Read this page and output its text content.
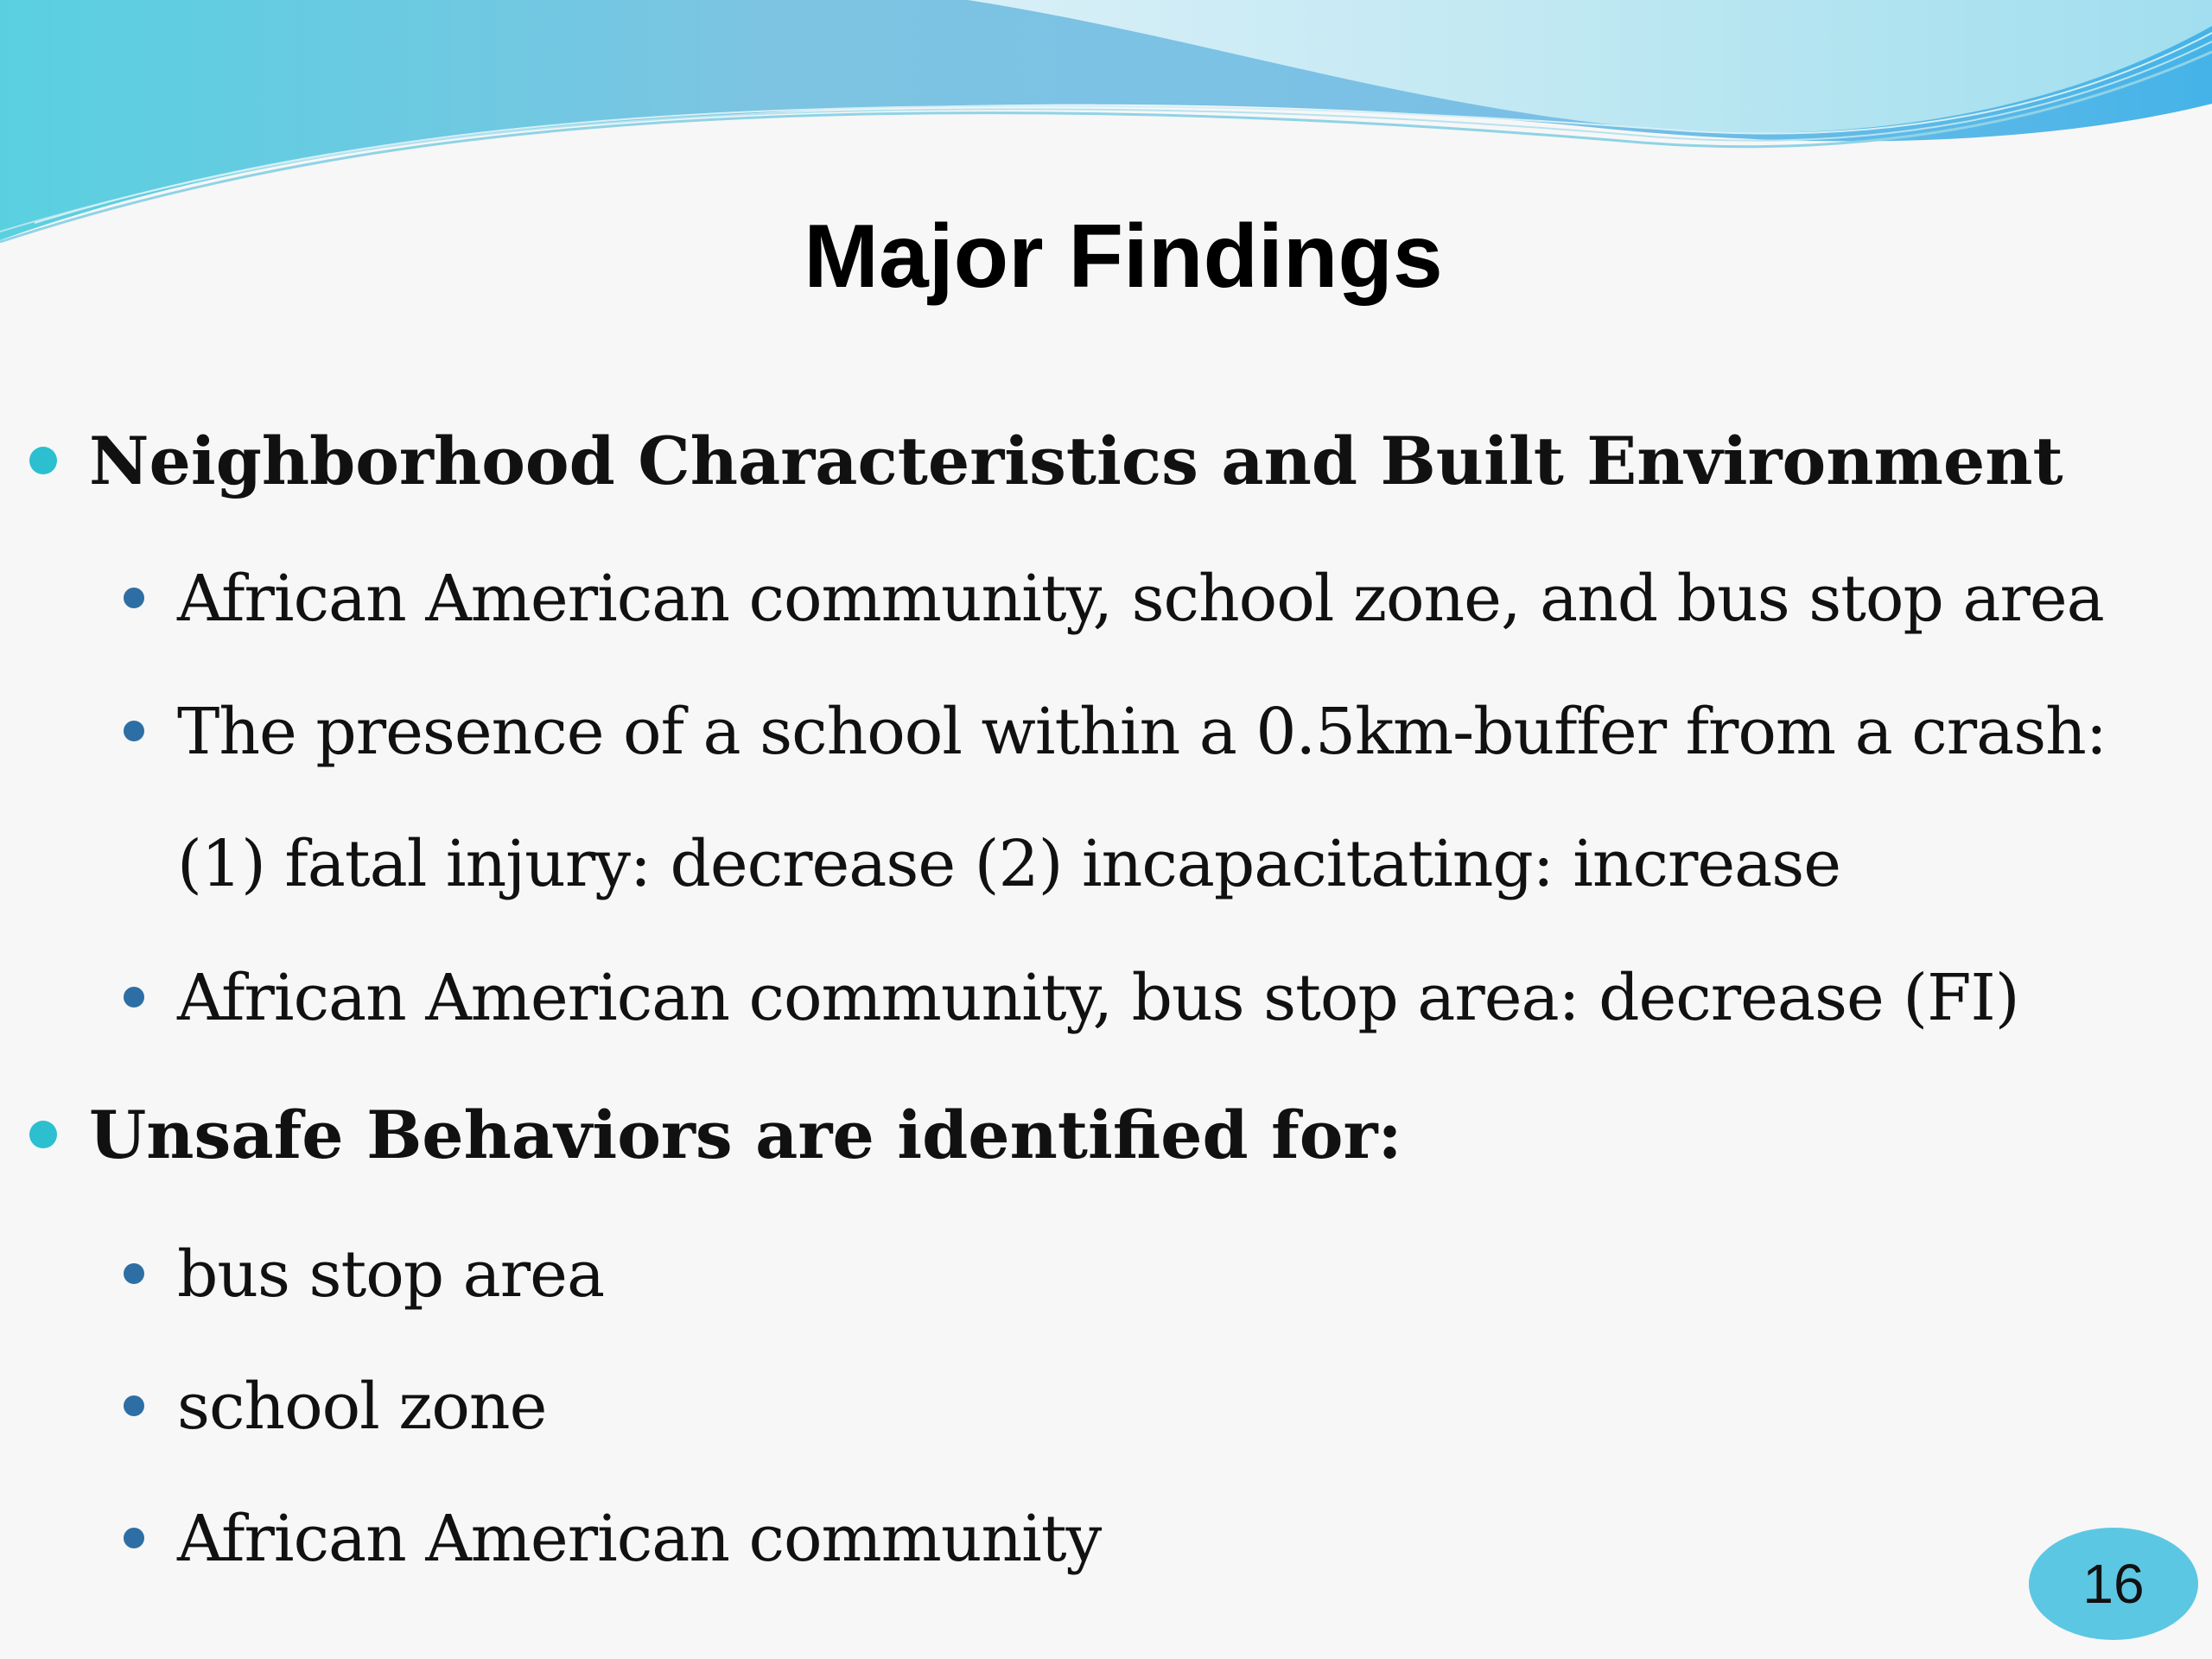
Major Findings
Neighborhood Characteristics and Built Environment
African American community, school zone, and bus stop area
The presence of a school within a 0.5km-buffer from a crash:
(1) fatal injury: decrease (2) incapacitating: increase
African American community, bus stop area: decrease (FI)
Unsafe Behaviors are identified for:
bus stop area
school zone
African American community
16
